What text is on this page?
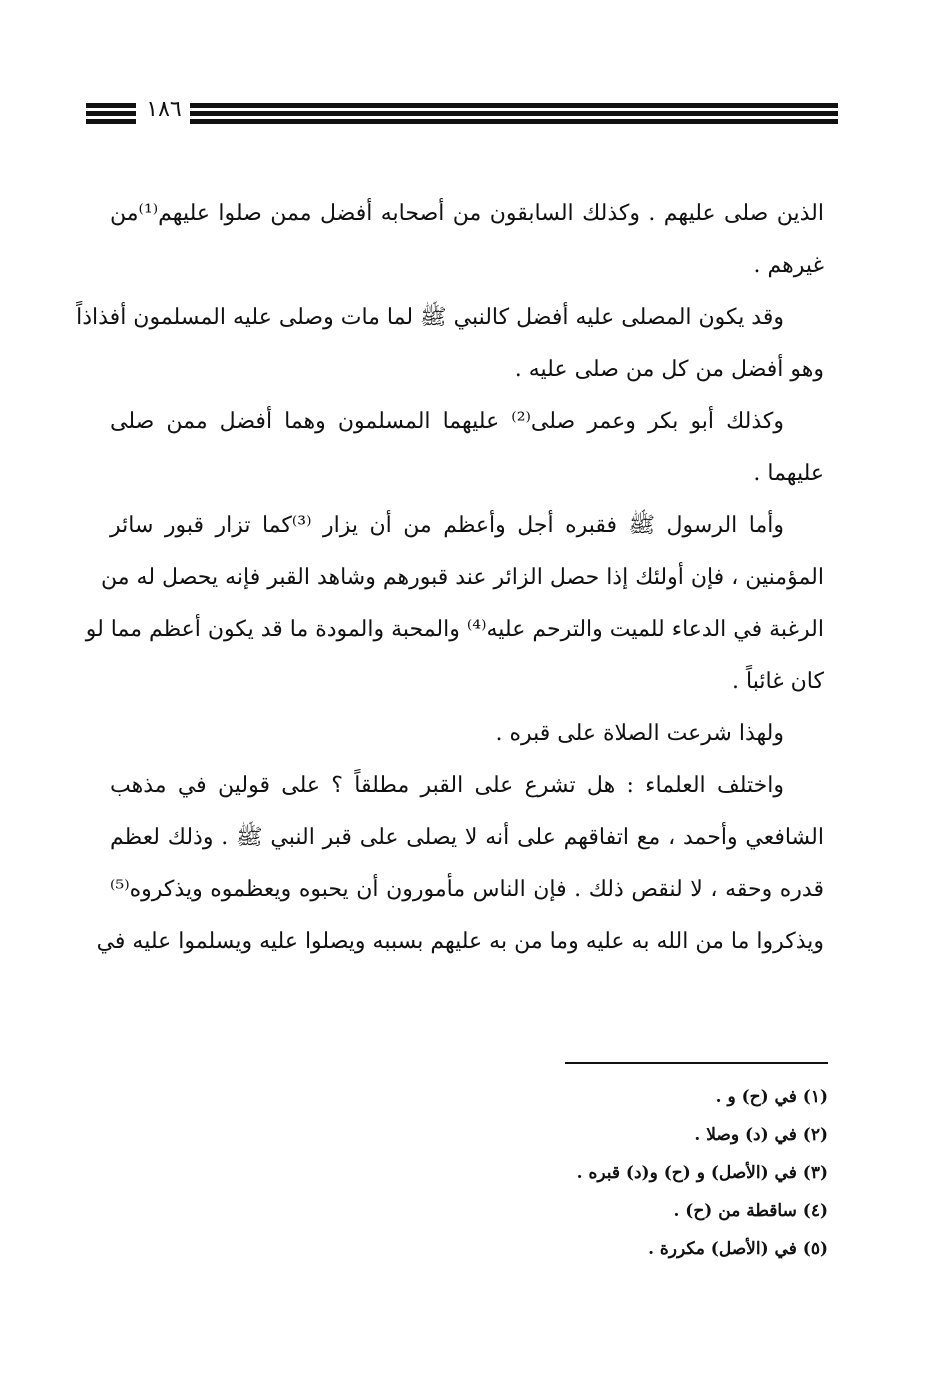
١٨٦
الذين صلى عليهم . وكذلك السابقون من أصحابه أفضل ممن صلوا عليهم⁽¹⁾من
غيرهم .
وقد يكون المصلى عليه أفضل كالنبي ﷺ لما مات وصلى عليه المسلمون أفذاذاً
وهو أفضل من كل من صلى عليه .
وكذلك أبو بكر وعمر صلى⁽²⁾ عليهما المسلمون وهما أفضل ممن صلى
عليهما .
وأما الرسول ﷺ فقبره أجل وأعظم من أن يزار ⁽³⁾كما تزار قبور سائر
المؤمنين ، فإن أولئك إذا حصل الزائر عند قبورهم وشاهد القبر فإنه يحصل له من
الرغبة في الدعاء للميت والترحم عليه⁽⁴⁾ والمحبة والمودة ما قد يكون أعظم مما لو
كان غائباً .
ولهذا شرعت الصلاة على قبره .
واختلف العلماء : هل تشرع على القبر مطلقاً ؟ على قولين في مذهب
الشافعي وأحمد ، مع اتفاقهم على أنه لا يصلى على قبر النبي ﷺ . وذلك لعظم
قدره وحقه ، لا لنقص ذلك . فإن الناس مأمورون أن يحبوه ويعظموه ويذكروه⁽⁵⁾
ويذكروا ما من الله به عليه وما من به عليهم بسببه ويصلوا عليه ويسلموا عليه في
(١) في (ح) و .
(٢) في (د) وصلا .
(٣) في (الأصل) و (ح) و(د) قبره .
(٤) ساقطة من (ح) .
(٥) في (الأصل) مكررة .
